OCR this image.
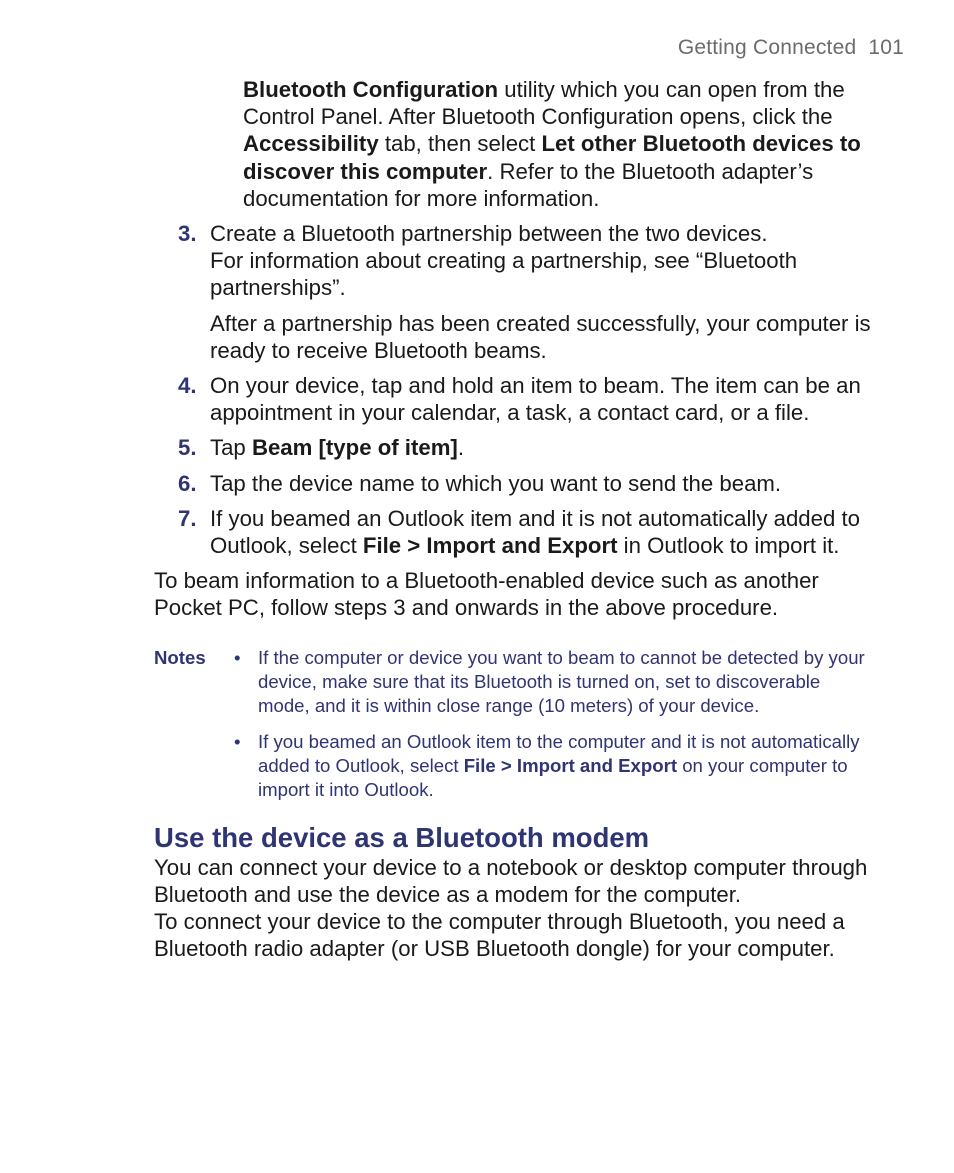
Getting Connected 101

Bluetooth Configuration utility which you can open from the Control Panel. After Bluetooth Configuration opens, click the Accessibility tab, then select Let other Bluetooth devices to discover this computer. Refer to the Bluetooth adapter’s documentation for more information.

3. Create a Bluetooth partnership between the two devices.
For information about creating a partnership, see “Bluetooth partnerships”.

After a partnership has been created successfully, your computer is ready to receive Bluetooth beams.

4. On your device, tap and hold an item to beam. The item can be an appointment in your calendar, a task, a contact card, or a file.

5. Tap Beam [type of item].

6. Tap the device name to which you want to send the beam.

7. If you beamed an Outlook item and it is not automatically added to Outlook, select File > Import and Export in Outlook to import it.

To beam information to a Bluetooth-enabled device such as another Pocket PC, follow steps 3 and onwards in the above procedure.

Notes • If the computer or device you want to beam to cannot be detected by your device, make sure that its Bluetooth is turned on, set to discoverable mode, and it is within close range (10 meters) of your device.
• If you beamed an Outlook item to the computer and it is not automatically added to Outlook, select File > Import and Export on your computer to import it into Outlook.
Use the device as a Bluetooth modem

You can connect your device to a notebook or desktop computer through Bluetooth and use the device as a modem for the computer.

To connect your device to the computer through Bluetooth, you need a Bluetooth radio adapter (or USB Bluetooth dongle) for your computer.
